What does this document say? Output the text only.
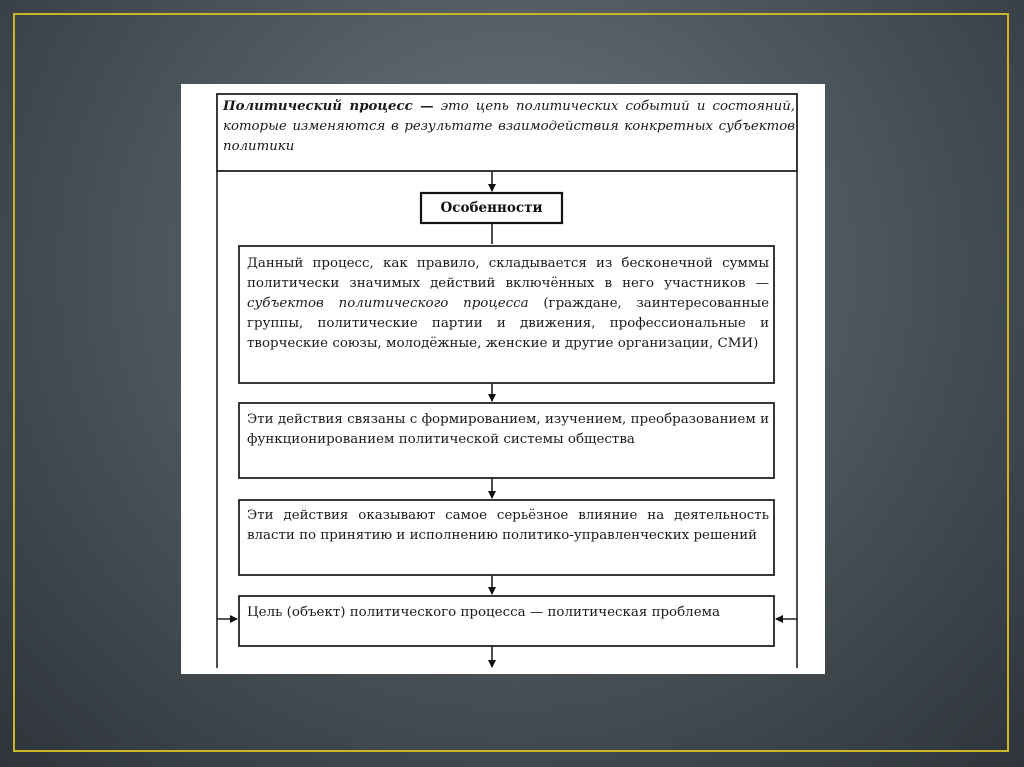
Политический процесс — это цепь политических событий и состояний, которые изменяются в результате взаимодействия конкретных субъектов политики
Особенности
Данный процесс, как правило, складывается из бесконечной суммы политически значимых действий включённых в него участников — субъектов политического процесса (граждане, заинтересованные группы, политические партии и движения, профессиональные и творческие союзы, молодёжные, женские и другие организации, СМИ)
Эти действия связаны с формированием, изучением, преобразованием и функционированием политической системы общества
Эти действия оказывают самое серьёзное влияние на деятельность власти по принятию и исполнению политико-управленческих решений
Цель (объект) политического процесса — политическая проблема
